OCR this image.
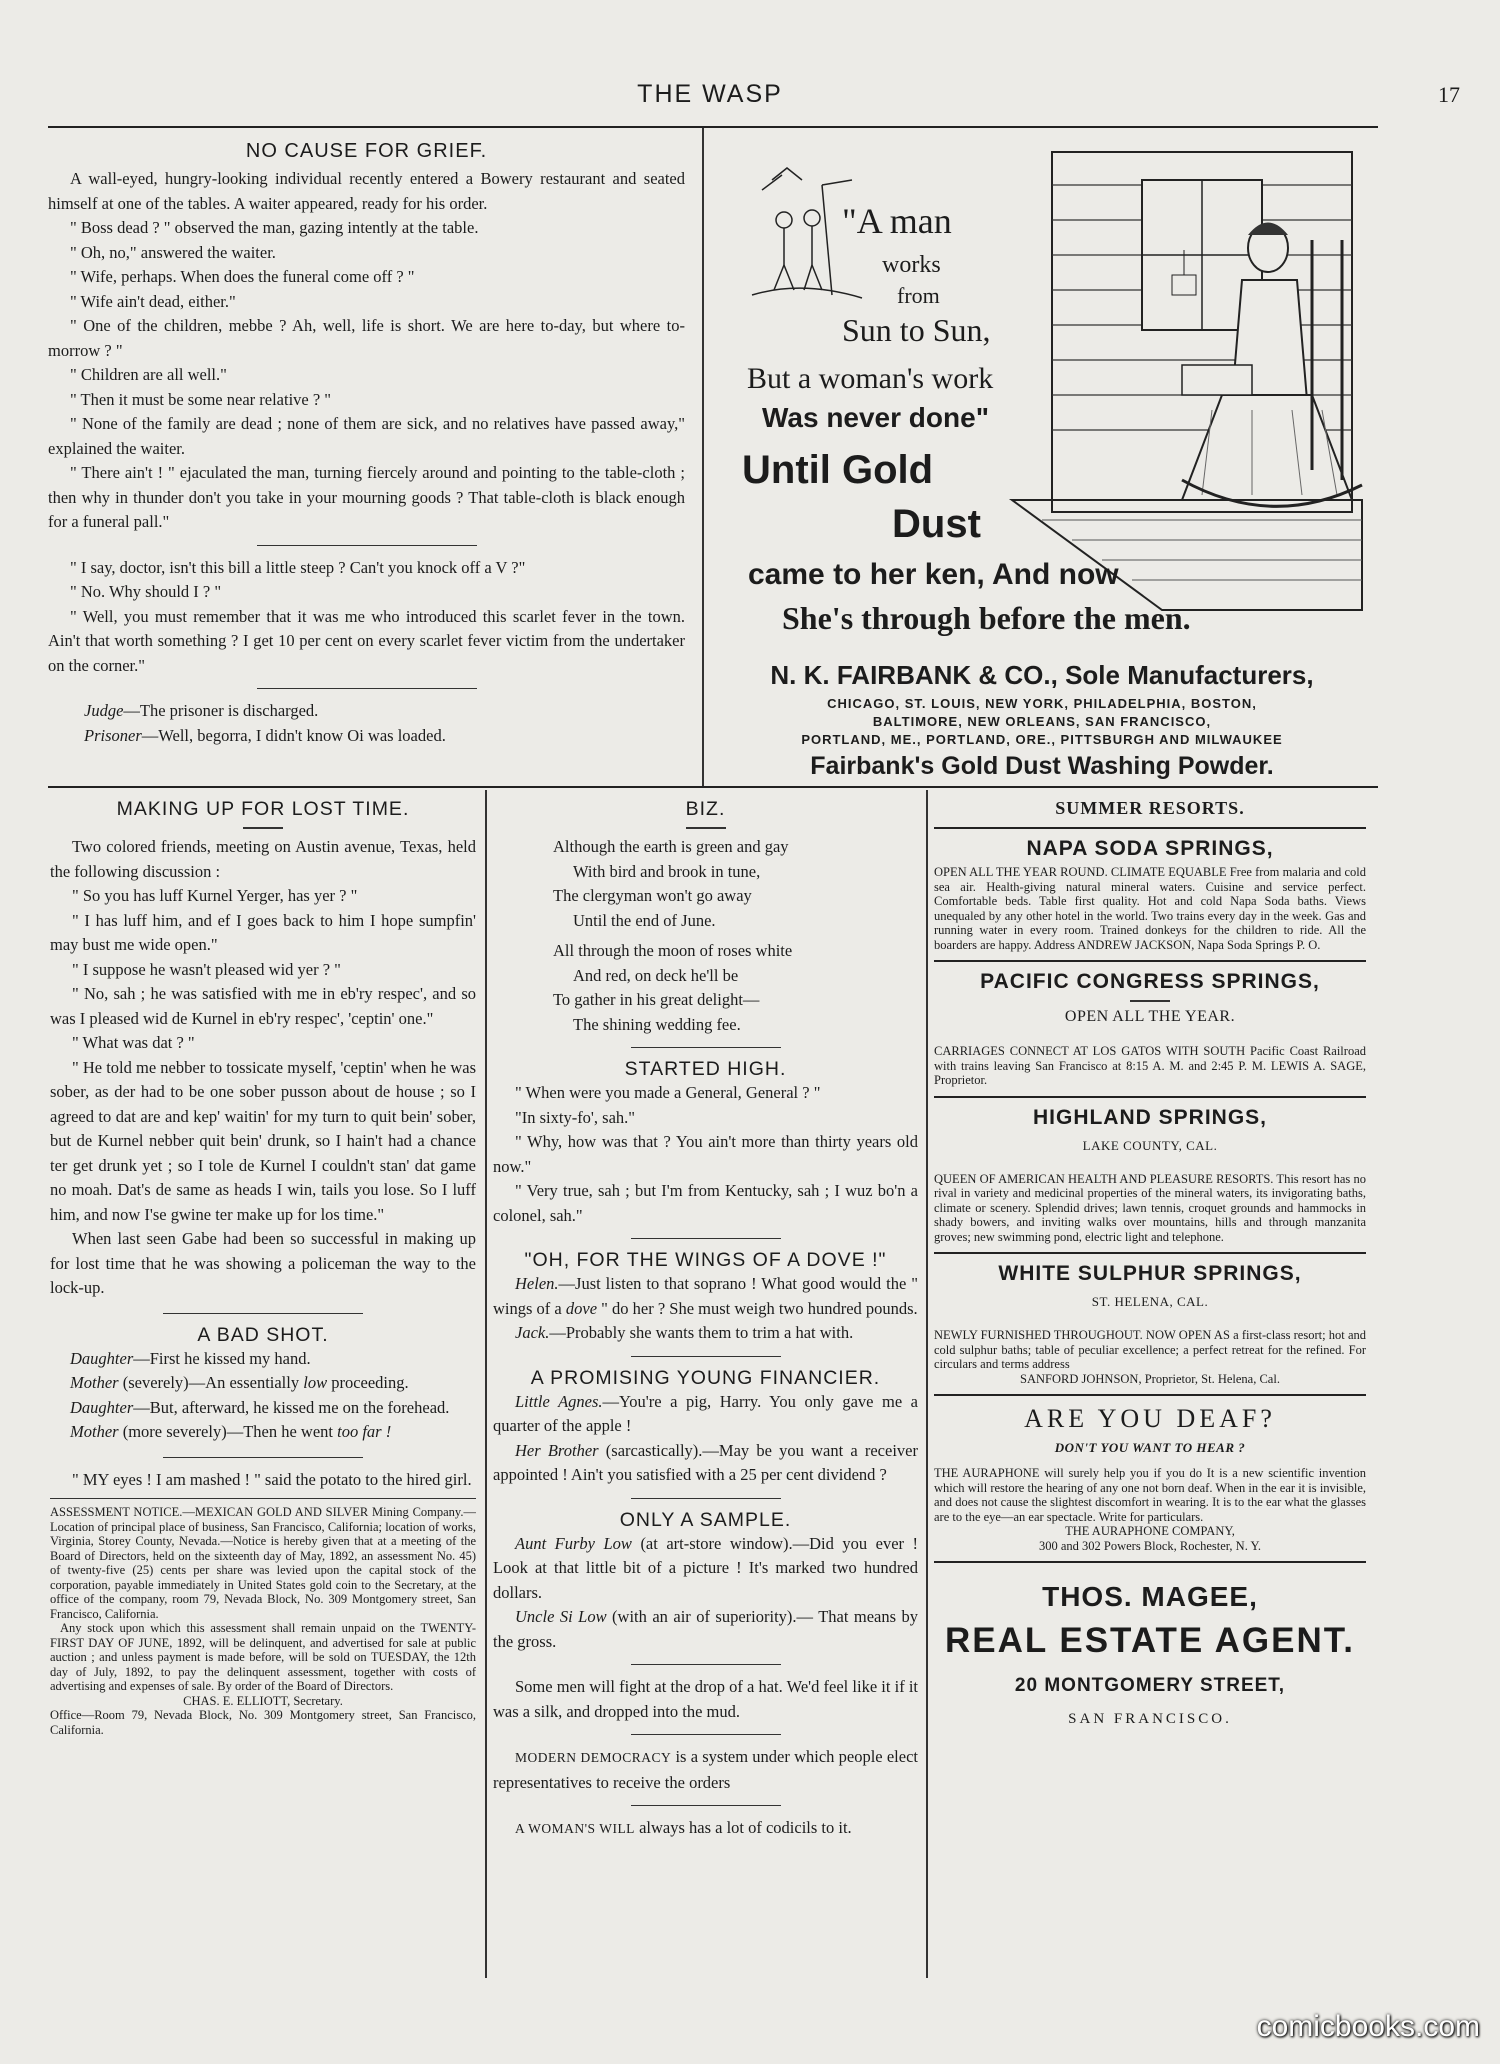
THE WASP	17
NO CAUSE FOR GRIEF.

A wall-eyed, hungry-looking individual recently entered a Bowery restaurant and seated himself at one of the tables. A waiter appeared, ready for his order.

" Boss dead ? " observed the man, gazing intently at the table.

" Oh, no," answered the waiter.

" Wife, perhaps. When does the funeral come off ? "

" Wife ain't dead, either."

" One of the children, mebbe ? Ah, well, life is short. We are here to-day, but where to-morrow ? "

" Children are all well."

" Then it must be some near relative ? "

" None of the family are dead ; none of them are sick, and no relatives have passed away," explained the waiter.

" There ain't ! " ejaculated the man, turning fiercely around and pointing to the table-cloth ; then why in thunder don't you take in your mourning goods ? That table-cloth is black enough for a funeral pall."

" I say, doctor, isn't this bill a little steep ? Can't you knock off a V ?"

" No. Why should I ? "

" Well, you must remember that it was me who introduced this scarlet fever in the town. Ain't that worth something ? I get 10 per cent on every scarlet fever victim from the undertaker on the corner."

Judge—The prisoner is discharged.

Prisoner—Well, begorra, I didn't know Oi was loaded.

"A man
works
from
Sun to Sun,
But a woman's work
Was never done"
Until Gold
Dust
came to her ken, And now
She's through before the men.
N. K. FAIRBANK & CO., Sole Manufacturers,
CHICAGO, ST. LOUIS, NEW YORK, PHILADELPHIA, BOSTON,
BALTIMORE, NEW ORLEANS, SAN FRANCISCO,
PORTLAND, ME., PORTLAND, ORE., PITTSBURGH AND MILWAUKEE
Fairbank's Gold Dust Washing Powder.
MAKING UP FOR LOST TIME.

Two colored friends, meeting on Austin avenue, Texas, held the following discussion :

" So you has luff Kurnel Yerger, has yer ? "

" I has luff him, and ef I goes back to him I hope sumpfin' may bust me wide open."

" I suppose he wasn't pleased wid yer ? "

" No, sah ; he was satisfied with me in eb'ry respec', and so was I pleased wid de Kurnel in eb'ry respec', 'ceptin' one."

" What was dat ? "

" He told me nebber to tossicate myself, 'ceptin' when he was sober, as der had to be one sober pusson about de house ; so I agreed to dat are and kep' waitin' for my turn to quit bein' sober, but de Kurnel nebber quit bein' drunk, so I hain't had a chance ter get drunk yet ; so I tole de Kurnel I couldn't stan' dat game no moah. Dat's de same as heads I win, tails you lose. So I luff him, and now I'se gwine ter make up for los time."

When last seen Gabe had been so successful in making up for lost time that he was showing a policeman the way to the lock-up.

A BAD SHOT.

Daughter—First he kissed my hand.

Mother (severely)—An essentially low proceeding.

Daughter—But, afterward, he kissed me on the forehead.

Mother (more severely)—Then he went too far !

" MY eyes ! I am mashed ! " said the potato to the hired girl.

ASSESSMENT NOTICE.—MEXICAN GOLD AND SILVER Mining Company.—Location of principal place of business, San Francisco, California; location of works, Virginia, Storey County, Nevada.—Notice is hereby given that at a meeting of the Board of Directors, held on the sixteenth day of May, 1892, an assessment No. 45) of twenty-five (25) cents per share was levied upon the capital stock of the corporation, payable immediately in United States gold coin to the Secretary, at the office of the company, room 79, Nevada Block, No. 309 Montgomery street, San Francisco, California.

Any stock upon which this assessment shall remain unpaid on the TWENTY-FIRST DAY OF JUNE, 1892, will be delinquent, and advertised for sale at public auction ; and unless payment is made before, will be sold on TUESDAY, the 12th day of July, 1892, to pay the delinquent assessment, together with costs of advertising and expenses of sale. By order of the Board of Directors.

CHAS. E. ELLIOTT, Secretary.

Office—Room 79, Nevada Block, No. 309 Montgomery street, San Francisco, California.

BIZ.

Although the earth is green and gay

With bird and brook in tune,

The clergyman won't go away

Until the end of June.

All through the moon of roses white

And red, on deck he'll be

To gather in his great delight—

The shining wedding fee.

STARTED HIGH.

" When were you made a General, General ? "

"In sixty-fo', sah."

" Why, how was that ? You ain't more than thirty years old now."

" Very true, sah ; but I'm from Kentucky, sah ; I wuz bo'n a colonel, sah."

"OH, FOR THE WINGS OF A DOVE !"

Helen.—Just listen to that soprano ! What good would the " wings of a dove " do her ? She must weigh two hundred pounds.

Jack.—Probably she wants them to trim a hat with.

A PROMISING YOUNG FINANCIER.

Little Agnes.—You're a pig, Harry. You only gave me a quarter of the apple !

Her Brother (sarcastically).—May be you want a receiver appointed ! Ain't you satisfied with a 25 per cent dividend ?

ONLY A SAMPLE.

Aunt Furby Low (at art-store window).—Did you ever ! Look at that little bit of a picture ! It's marked two hundred dollars.

Uncle Si Low (with an air of superiority).— That means by the gross.

Some men will fight at the drop of a hat. We'd feel like it if it was a silk, and dropped into the mud.

MODERN DEMOCRACY is a system under which people elect representatives to receive the orders

A WOMAN'S WILL always has a lot of codicils to it.

SUMMER RESORTS.
NAPA SODA SPRINGS,

OPEN ALL THE YEAR ROUND. CLIMATE EQUABLE Free from malaria and cold sea air. Health-giving natural mineral waters. Cuisine and service perfect. Comfortable beds. Table first quality. Hot and cold Napa Soda baths. Views unequaled by any other hotel in the world. Two trains every day in the week. Gas and running water in every room. Trained donkeys for the children to ride. All the boarders are happy. Address ANDREW JACKSON, Napa Soda Springs P. O.

PACIFIC CONGRESS SPRINGS,

OPEN ALL THE YEAR.

CARRIAGES CONNECT AT LOS GATOS WITH SOUTH Pacific Coast Railroad with trains leaving San Francisco at 8:15 A. M. and 2:45 P. M. LEWIS A. SAGE, Proprietor.

HIGHLAND SPRINGS,

LAKE COUNTY, CAL.

QUEEN OF AMERICAN HEALTH AND PLEASURE RESORTS. This resort has no rival in variety and medicinal properties of the mineral waters, its invigorating baths, climate or scenery. Splendid drives; lawn tennis, croquet grounds and hammocks in shady bowers, and inviting walks over mountains, hills and through manzanita groves; new swimming pond, electric light and telephone.

WHITE SULPHUR SPRINGS,

ST. HELENA, CAL.

NEWLY FURNISHED THROUGHOUT. NOW OPEN AS a first-class resort; hot and cold sulphur baths; table of peculiar excellence; a perfect retreat for the refined. For circulars and terms address

SANFORD JOHNSON, Proprietor, St. Helena, Cal.

ARE YOU DEAF?

DON'T YOU WANT TO HEAR ?

THE AURAPHONE will surely help you if you do It is a new scientific invention which will restore the hearing of any one not born deaf. When in the ear it is invisible, and does not cause the slightest discomfort in wearing. It is to the ear what the glasses are to the eye—an ear spectacle. Write for particulars.

THE AURAPHONE COMPANY,

300 and 302 Powers Block, Rochester, N. Y.

THOS. MAGEE,
REAL ESTATE AGENT.

20 MONTGOMERY STREET,

SAN FRANCISCO.

comicbooks.com
